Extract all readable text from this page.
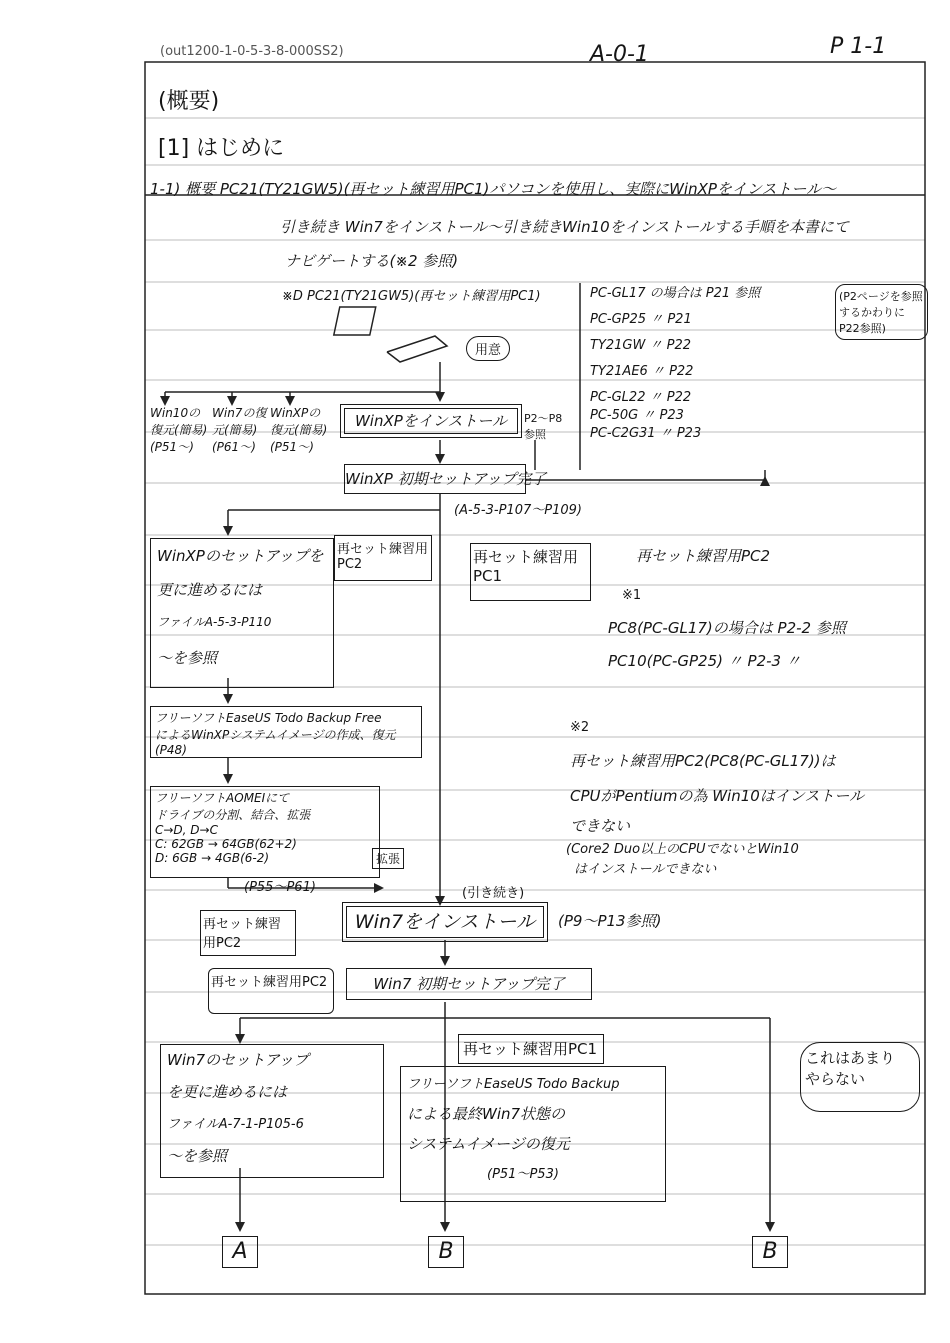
(out1200-1-0-5-3-8-000SS2)	A-0-1	P 1-1
(概要)
[1] はじめに
1-1) 概要 PC21(TY21GW5)(再セット練習用PC1)パソコンを使用し、実際にWinXPをインストール～
引き続き Win7をインストール～引き続きWin10をインストールする手順を本書にて
ナビゲートする(※2 参照)
※D PC21(TY21GW5)(再セット練習用PC1)
用意
PC-GL17 の場合は P21 参照
PC-GP25 〃 P21
TY21GW 〃 P22
TY21AE6 〃 P22
PC-GL22 〃 P22
PC-50G 〃 P23
PC-C2G31 〃 P23
(P2ページを参照するかわりにP22参照)
Win10の復元(簡易)(P51～)
Win7の復元(簡易)(P61～)
WinXPの復元(簡易)(P51～)
WinXPをインストール	P2～P8参照
WinXP 初期セットアップ完了
(A-5-3-P107～P109)
再セット練習用PC2	再セット練習用PC1
再セット練習用PC2
WinXPのセットアップを
更に進めるには
ファイルA-5-3-P110
～を参照
※1
PC8(PC-GL17)の場合は P2-2 参照
PC10(PC-GP25) 〃 P2-3 〃
フリーソフトEaseUS Todo Backup Free
によるWinXPシステムイメージの作成、復元
(P48)
※2
再セット練習用PC2(PC8(PC-GL17))は
CPUがPentiumの為 Win10はインストール
できない
(Core2 Duo以上のCPUでないとWin10
はインストールできない
フリーソフトAOMEIにて
ドライブの分割、結合、拡張
C→D, D→C
C: 62GB → 64GB(62+2)
D: 6GB → 4GB(6-2)	拡張
(P55～P61)	(引き続き)
再セット練習用PC2
Win7をインストール	(P9～P13参照)
再セット練習用PC2	Win7 初期セットアップ完了
Win7のセットアップ
を更に進めるには
ファイルA-7-1-P105-6
～を参照
再セット練習用PC1
フリーソフトEaseUS Todo Backup
による最終Win7状態の
システムイメージの復元
(P51～P53)
これはあまり
やらない
A	B	B
